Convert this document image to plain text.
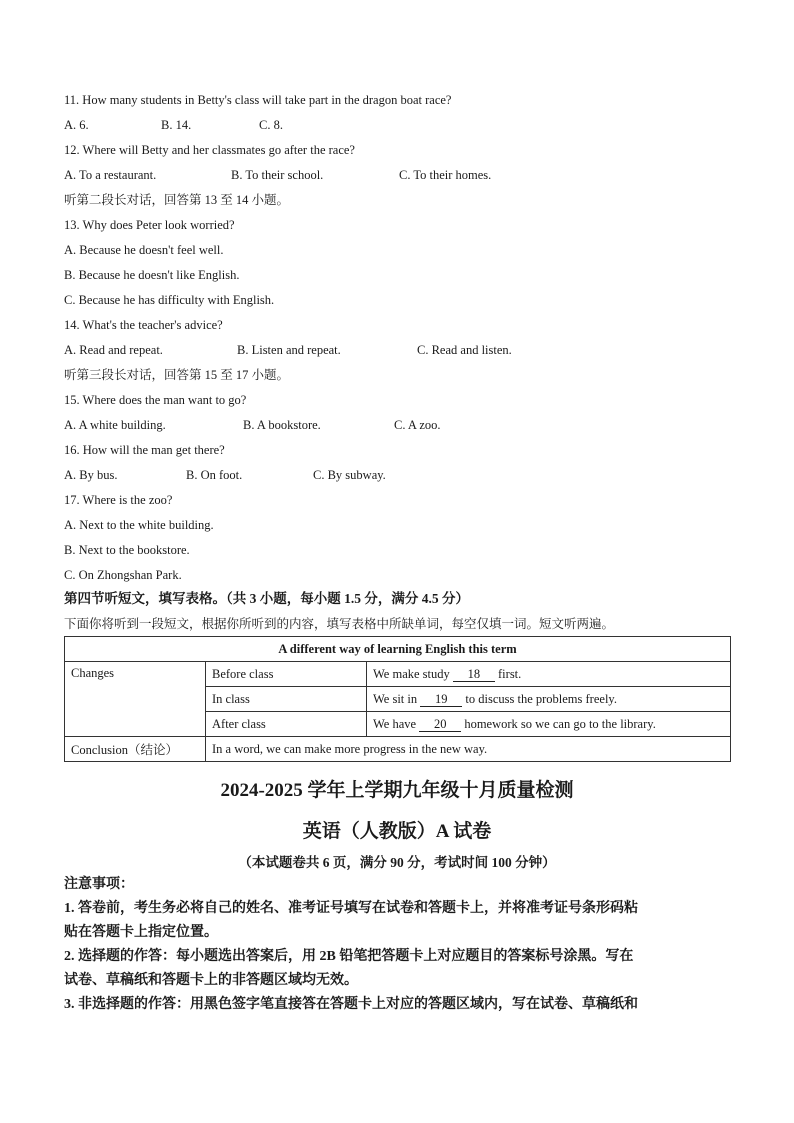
11. How many students in Betty's class will take part in the dragon boat race?
A. 6.	B. 14.	C. 8.
12. Where will Betty and her classmates go after the race?
A. To a restaurant.	B. To their school.	C. To their homes.
听第二段长对话，回答第 13 至 14 小题。
13. Why does Peter look worried?
A. Because he doesn't feel well.
B. Because he doesn't like English.
C. Because he has difficulty with English.
14. What's the teacher's advice?
A. Read and repeat.	B. Listen and repeat.	C. Read and listen.
听第三段长对话，回答第 15 至 17 小题。
15. Where does the man want to go?
A. A white building.	B. A bookstore.	C. A zoo.
16. How will the man get there?
A. By bus.	B. On foot.	C. By subway.
17. Where is the zoo?
A. Next to the white building.
B. Next to the bookstore.
C. On Zhongshan Park.
第四节听短文，填写表格。（共 3 小题，每小题 1.5 分，满分 4.5 分）
下面你将听到一段短文，根据你所听到的内容，填写表格中所缺单词，每空仅填一词。短文听两遍。
A different way of learning English this term		
Changes	Before class	We make study 18 first.
	In class	We sit in 19 to discuss the problems freely.
	After class	We have 20 homework so we can go to the library.
Conclusion（结论）	In a word, we can make more progress in the new way.	
2024-2025 学年上学期九年级十月质量检测
英语（人教版）A 试卷
（本试题卷共 6 页，满分 90 分，考试时间 100 分钟）
注意事项：
1. 答卷前，考生务必将自己的姓名、准考证号填写在试卷和答题卡上，并将准考证号条形码粘
贴在答题卡上指定位置。
2. 选择题的作答：每小题选出答案后，用 2B 铅笔把答题卡上对应题目的答案标号涂黑。写在
试卷、草稿纸和答题卡上的非答题区域均无效。
3. 非选择题的作答：用黑色签字笔直接答在答题卡上对应的答题区域内，写在试卷、草稿纸和
